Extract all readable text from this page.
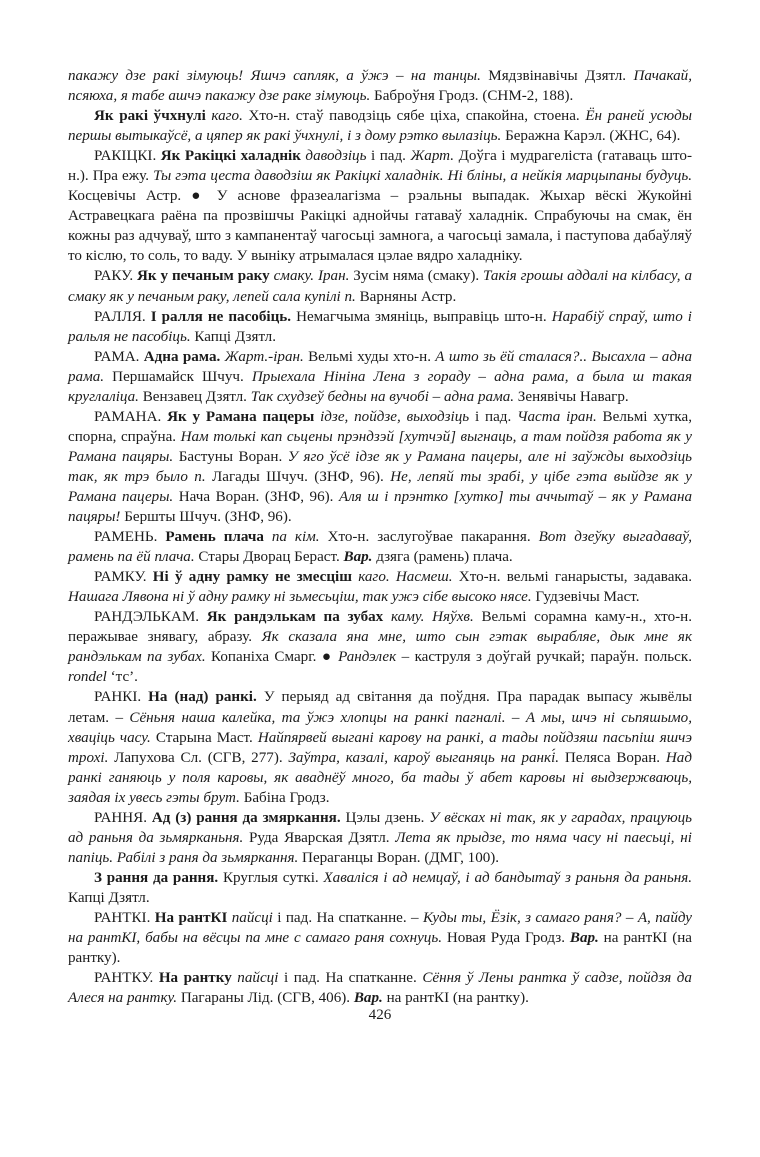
пакажу дзе ракі зімуюць! Яшчэ сапляк, а ўжэ – на танцы. Мядзвінавічы Дзятл. Пачакай, псяюха, я табе ашчэ пакажу дзе раке зімуюць. Баброўня Гродз. (СНМ-2, 188).
Як ракі ўчхнулі каго. Хто-н. стаў паводзіць сябе ціха, спакойна, стоена. Ён раней усюды першы вытыкаўсё, а цяпер як ракі ўчхнулі, і з дому рэтко вылазіць. Беражна Карэл. (ЖНС, 64).
РАКІЦКІ. Як Ракіцкі халаднік даводзіць і пад. Жарт. Доўга і мудрагеліста (гатаваць што-н.). Пра ежу. Ты гэта цеста даводзіш як Ракіцкі халаднік. Ні бліны, а нейкія марцыпаны будуць. Косцевічы Астр. ● У аснове фразеалагізма – рэальны выпадак. Жыхар вёскі Жукойні Астравецкага раёна па прозвішчы Ракіцкі аднойчы гатаваў халаднік. Спрабуючы на смак, ён кожны раз адчуваў, што з кампанентаў чагосьці замнога, а чагосьці замала, і паступова дабаўляў то кіслю, то соль, то ваду. У выніку атрымалася цэлае вядро халадніку.
РАКУ. Як у печаным раку смаку. Іран. Зусім няма (смаку). Такія грошы аддалі на кілбасу, а смаку як у печаным раку, лепей сала купілі п. Варняны Астр.
РАЛЛЯ. І ралля не пасобіць. Немагчыма змяніць, выправіць што-н. Нарабіў спраў, што і ральля не пасобіць. Капці Дзятл.
РАМА. Адна рама. Жарт.-іран. Вельмі худы хто-н. А што зь ёй сталася?.. Высахла – адна рама. Першамайск Шчуч. Прыехала Нініна Лена з гораду – адна рама, а была ш такая круглаліца. Вензавец Дзятл. Так схудзеў бедны на вучобі – адна рама. Зенявічы Навагр.
РАМАНА. Як у Рамана пацеры ідзе, пойдзе, выходзіць і пад. Часта іран. Вельмі хутка, спорна, спраўна. Нам толькі кап сьцены прэндзэй [хутчэй] выгнаць, а там пойдзя работа як у Рамана пацяры. Бастуны Воран. У яго ўсё ідзе як у Рамана пацеры, але ні заўжды выходзіць так, як трэ было п. Лагады Шчуч. (ЗНФ, 96). Не, лепяй ты зрабі, у цібе гэта выйдзе як у Рамана пацеры. Нача Воран. (ЗНФ, 96). Аля ш і прэнтко [хутко] ты аччытаў – як у Рамана пацяры! Бершты Шчуч. (ЗНФ, 96).
РАМЕНЬ. Рамень плача па кім. Хто-н. заслугоўвае пакарання. Вот дзеўку выгадаваў, рамень па ёй плача. Стары Дворац Бераст. Вар. дзяга (рамень) плача.
РАМКУ. Ні ў адну рамку не змесціш каго. Насмеш. Хто-н. вельмі ганарысты, задавака. Нашага Лявона ні ў адну рамку ні зьмесьціш, так ужэ сібе высоко нясе. Гудзевічы Маст.
РАНДЭЛЬКАМ. Як рандэлькам па зубах каму. Няўхв. Вельмі сорамна каму-н., хто-н. пepажывае знявагу, абразу. Як сказала яна мне, што сын гэтак выpабляе, дык мне як рандэлькам па зубах. Копаніха Смарг. ● Рандэлек – каструля з доўгай ручкай; параўн. польск. rondel ‘тс’.
РАНКІ. На (над) ранкі. У перыяд ад світання да поўдня. Пра парадак выпасу жывёлы летам. – Сёньня наша калейка, та ўжэ хлопцы на ранкі пагналі. – А мы, шчэ ні сьпяшымо, хваціць часу. Старына Маст. Найпярвей выгані карову на ранкі, а тады пойдзяш пасьпіш яшчэ трохі. Лапухова Сл. (СГВ, 277). Заўтра, казалі, кароў выганяць на ранкі́. Пеляса Воран. Над ранкі ганяюць у поля каровы, як авaднёў много, ба тады ў абет каровы ні выдзержваюць, заядая іх увесь гэты брут. Бабіна Гродз.
РАННЯ. Ад (з) рання да змяркання. Цэлы дзень. У вёсках ні так, як у гарадах, працуюць ад раньня да зьмярканьня. Руда Яварская Дзятл. Лета як прыдзе, то няма часу ні паесьці, ні папіць. Рабілі з раня да зьмяркання. Пераганцы Воран. (ДМГ, 100).
З рання да рання. Круглыя суткі. Хаваліся і ад немцаў, і ад бандытаў з раньня да раньня. Капці Дзятл.
РАНТКІ. На рантКІ пайсці і пад. На спатканне. – Куды ты, Ёзік, з самаго раня? – А, пайду на рантКІ, бабы на вёсцы па мне с самаго раня сохнуць. Новая Руда Гродз. Вар. на рантКІ (на рантку).
РАНТКУ. На рантку пайсці і пад. На спатканне. Сёння ў Лены рантка ў садзе, пойдзя да Алеся на рантку. Пагараны Лід. (СГВ, 406). Вар. на рантКІ (на рантку).
426
